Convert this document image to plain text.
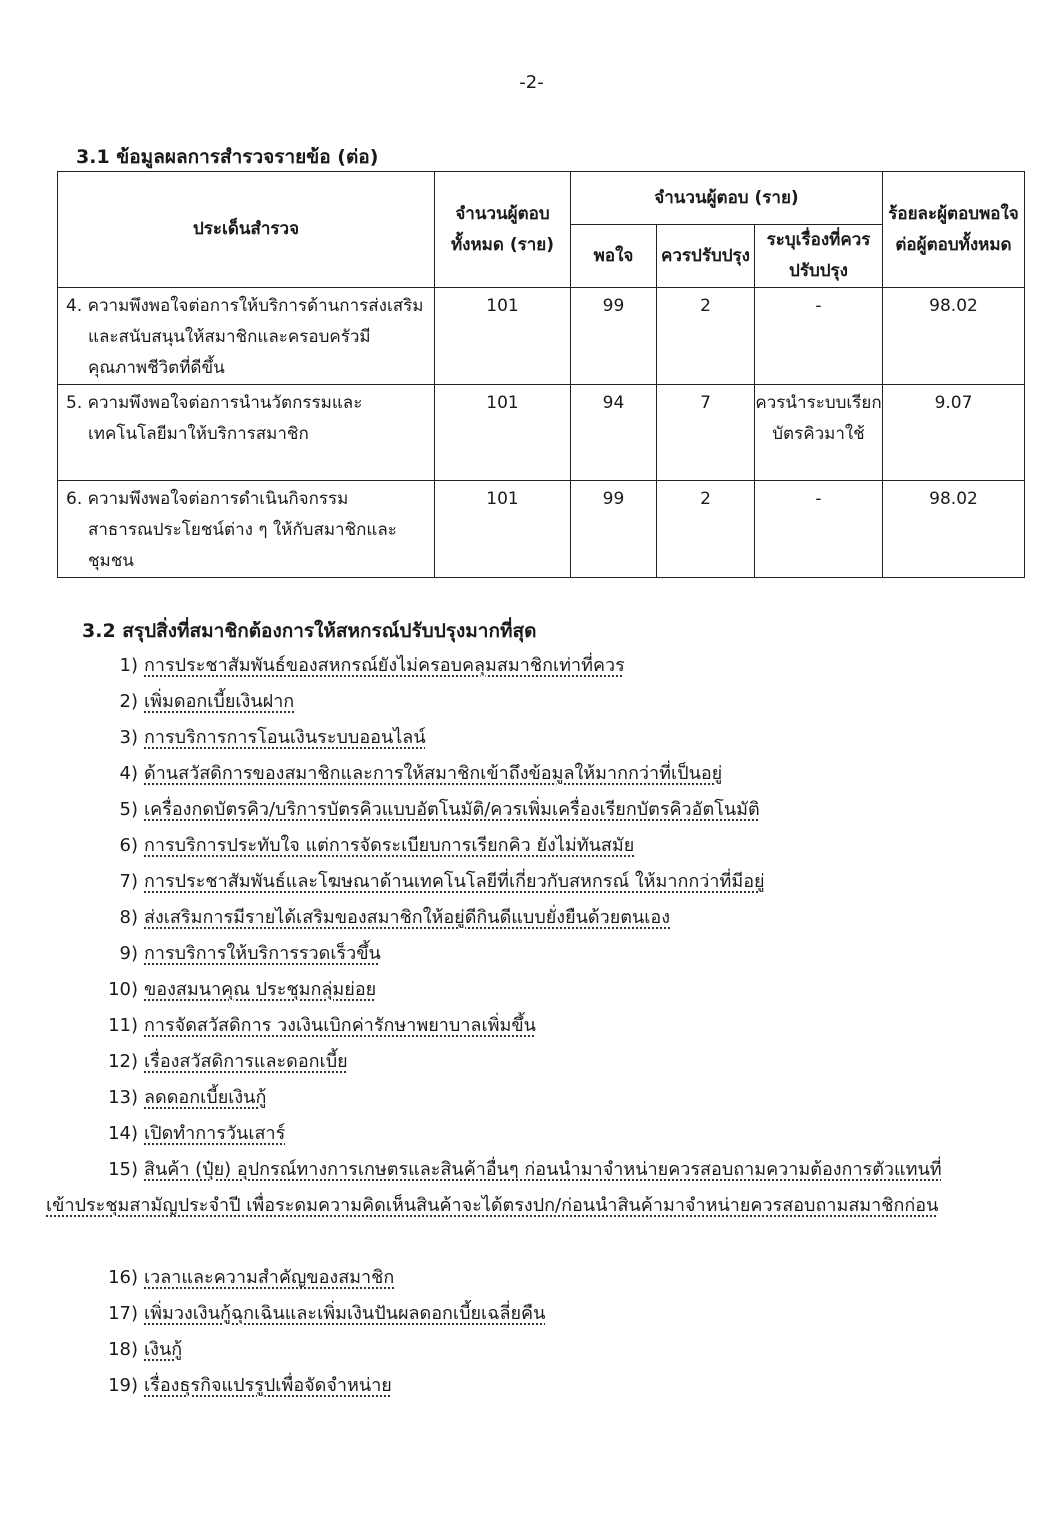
-2-
3.1 ข้อมูลผลการสำรวจรายข้อ (ต่อ)
ประเด็นสำรวจ	จำนวนผู้ตอบทั้งหมด (ราย)	จำนวนผู้ตอบ (ราย)			ร้อยละผู้ตอบพอใจต่อผู้ตอบทั้งหมด
		พอใจ	ควรปรับปรุง	ระบุเรื่องที่ควรปรับปรุง	

4. ความพึงพอใจต่อการให้บริการด้านการส่งเสริม
และสนับสนุนให้สมาชิกและครอบครัวมีคุณภาพชีวิตที่ดีขึ้น	101	99	2	-	98.02

5. ความพึงพอใจต่อการนำนวัตกรรมและ
เทคโนโลยีมาให้บริการสมาชิก	101	94	7	ควรนำระบบเรียกบัตรคิวมาใช้	9.07

6. ความพึงพอใจต่อการดำเนินกิจกรรม
สาธารณประโยชน์ต่าง ๆ ให้กับสมาชิกและชุมชน	101	99	2	-	98.02
3.2 สรุปสิ่งที่สมาชิกต้องการให้สหกรณ์ปรับปรุงมากที่สุด
1) การประชาสัมพันธ์ของสหกรณ์ยังไม่ครอบคลุมสมาชิกเท่าที่ควร
2) เพิ่มดอกเบี้ยเงินฝาก
3) การบริการการโอนเงินระบบออนไลน์
4) ด้านสวัสดิการของสมาชิกและการให้สมาชิกเข้าถึงข้อมูลให้มากกว่าที่เป็นอยู่
5) เครื่องกดบัตรคิว/บริการบัตรคิวแบบอัตโนมัติ/ควรเพิ่มเครื่องเรียกบัตรคิวอัตโนมัติ
6) การบริการประทับใจ แต่การจัดระเบียบการเรียกคิว ยังไม่ทันสมัย
7) การประชาสัมพันธ์และโฆษณาด้านเทคโนโลยีที่เกี่ยวกับสหกรณ์ ให้มากกว่าที่มีอยู่
8) ส่งเสริมการมีรายได้เสริมของสมาชิกให้อยู่ดีกินดีแบบยั่งยืนด้วยตนเอง
9) การบริการให้บริการรวดเร็วขึ้น
10) ของสมนาคุณ ประชุมกลุ่มย่อย
11) การจัดสวัสดิการ วงเงินเบิกค่ารักษาพยาบาลเพิ่มขึ้น
12) เรื่องสวัสดิการและดอกเบี้ย
13) ลดดอกเบี้ยเงินกู้
14) เปิดทำการวันเสาร์
15) สินค้า (ปุ๋ย) อุปกรณ์ทางการเกษตรและสินค้าอื่นๆ ก่อนนำมาจำหน่ายควรสอบถามความต้องการตัวแทนที่เข้าประชุมสามัญประจำปี เพื่อระดมความคิดเห็นสินค้าจะได้ตรงปก/ก่อนนำสินค้ามาจำหน่ายควรสอบถามสมาชิกก่อน
16) เวลาและความสำคัญของสมาชิก
17) เพิ่มวงเงินกู้ฉุกเฉินและเพิ่มเงินปันผลดอกเบี้ยเฉลี่ยคืน
18) เงินกู้
19) เรื่องธุรกิจแปรรูปเพื่อจัดจำหน่าย
